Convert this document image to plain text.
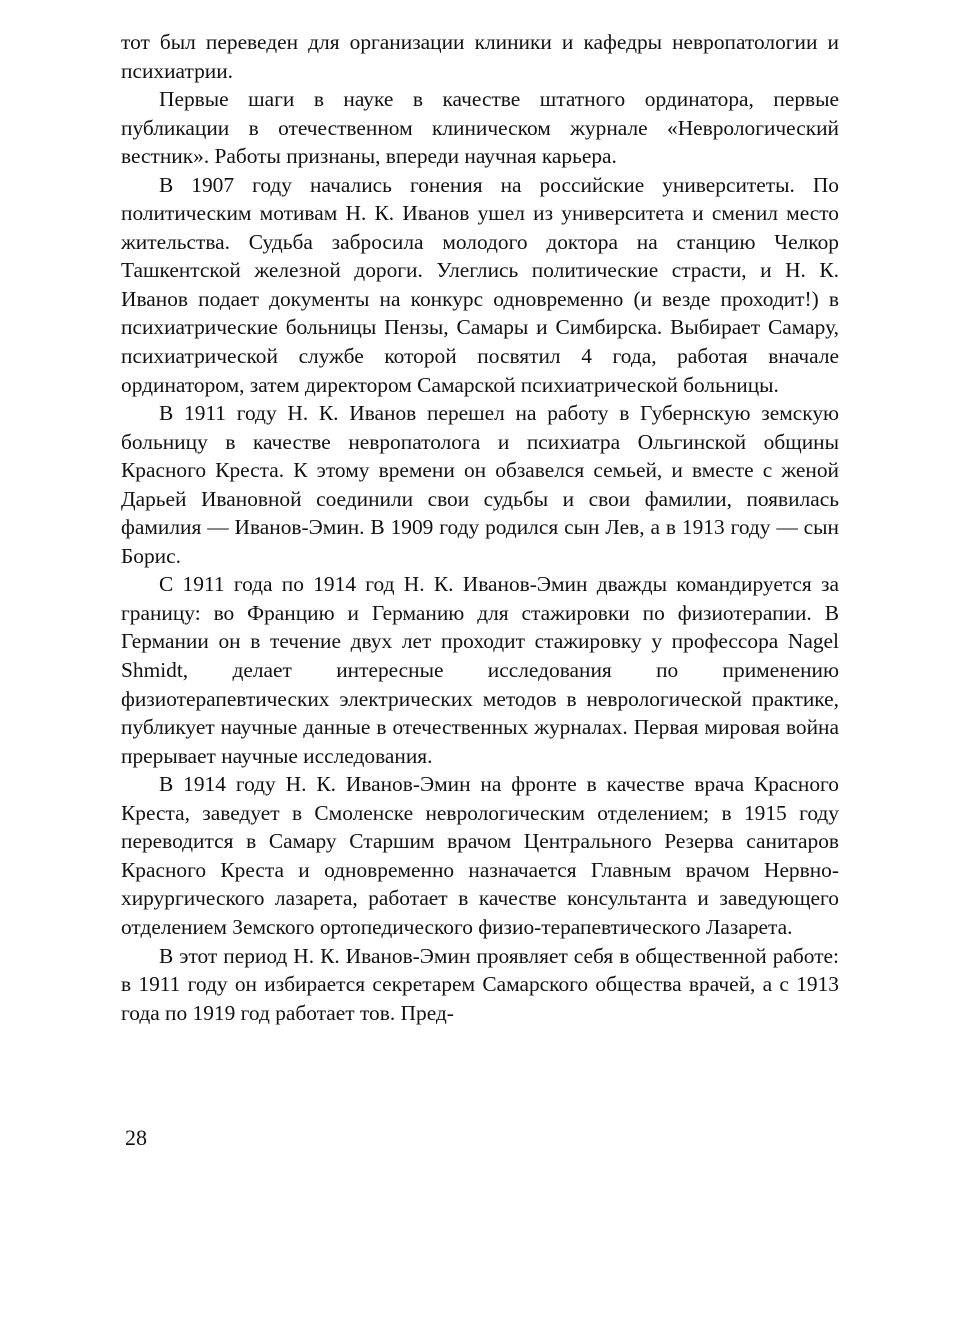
тот был переведен для организации клиники и кафедры невропатологии и психиатрии.

Первые шаги в науке в качестве штатного ординатора, первые публикации в отечественном клиническом журнале «Неврологический вестник». Работы признаны, впереди научная карьера.

В 1907 году начались гонения на российские университеты. По политическим мотивам Н. К. Иванов ушел из университета и сменил место жительства. Судьба забросила молодого доктора на станцию Челкор Ташкентской железной дороги. Улеглись политические страсти, и Н. К. Иванов подает документы на конкурс одновременно (и везде проходит!) в психиатрические больницы Пензы, Самары и Симбирска. Выбирает Самару, психиатрической службе которой посвятил 4 года, работая вначале ординатором, затем директором Самарской психиатрической больницы.

В 1911 году Н. К. Иванов перешел на работу в Губернскую земскую больницу в качестве невропатолога и психиатра Ольгинской общины Красного Креста. К этому времени он обзавелся семьей, и вместе с женой Дарьей Ивановной соединили свои судьбы и свои фамилии, появилась фамилия — Иванов-Эмин. В 1909 году родился сын Лев, а в 1913 году — сын Борис.

С 1911 года по 1914 год Н. К. Иванов-Эмин дважды командируется за границу: во Францию и Германию для стажировки по физиотерапии. В Германии он в течение двух лет проходит стажировку у профессора Nagel Shmidt, делает интересные исследования по применению физиотерапевтических электрических методов в неврологической практике, публикует научные данные в отечественных журналах. Первая мировая война прерывает научные исследования.

В 1914 году Н. К. Иванов-Эмин на фронте в качестве врача Красного Креста, заведует в Смоленске неврологическим отделением; в 1915 году переводится в Самару Старшим врачом Центрального Резерва санитаров Красного Креста и одновременно назначается Главным врачом Нервно-хирургического лазарета, работает в качестве консультанта и заведующего отделением Земского ортопедического физио-терапевтического Лазарета.

В этот период Н. К. Иванов-Эмин проявляет себя в общественной работе: в 1911 году он избирается секретарем Самарского общества врачей, а с 1913 года по 1919 год работает тов. Пред-

28
